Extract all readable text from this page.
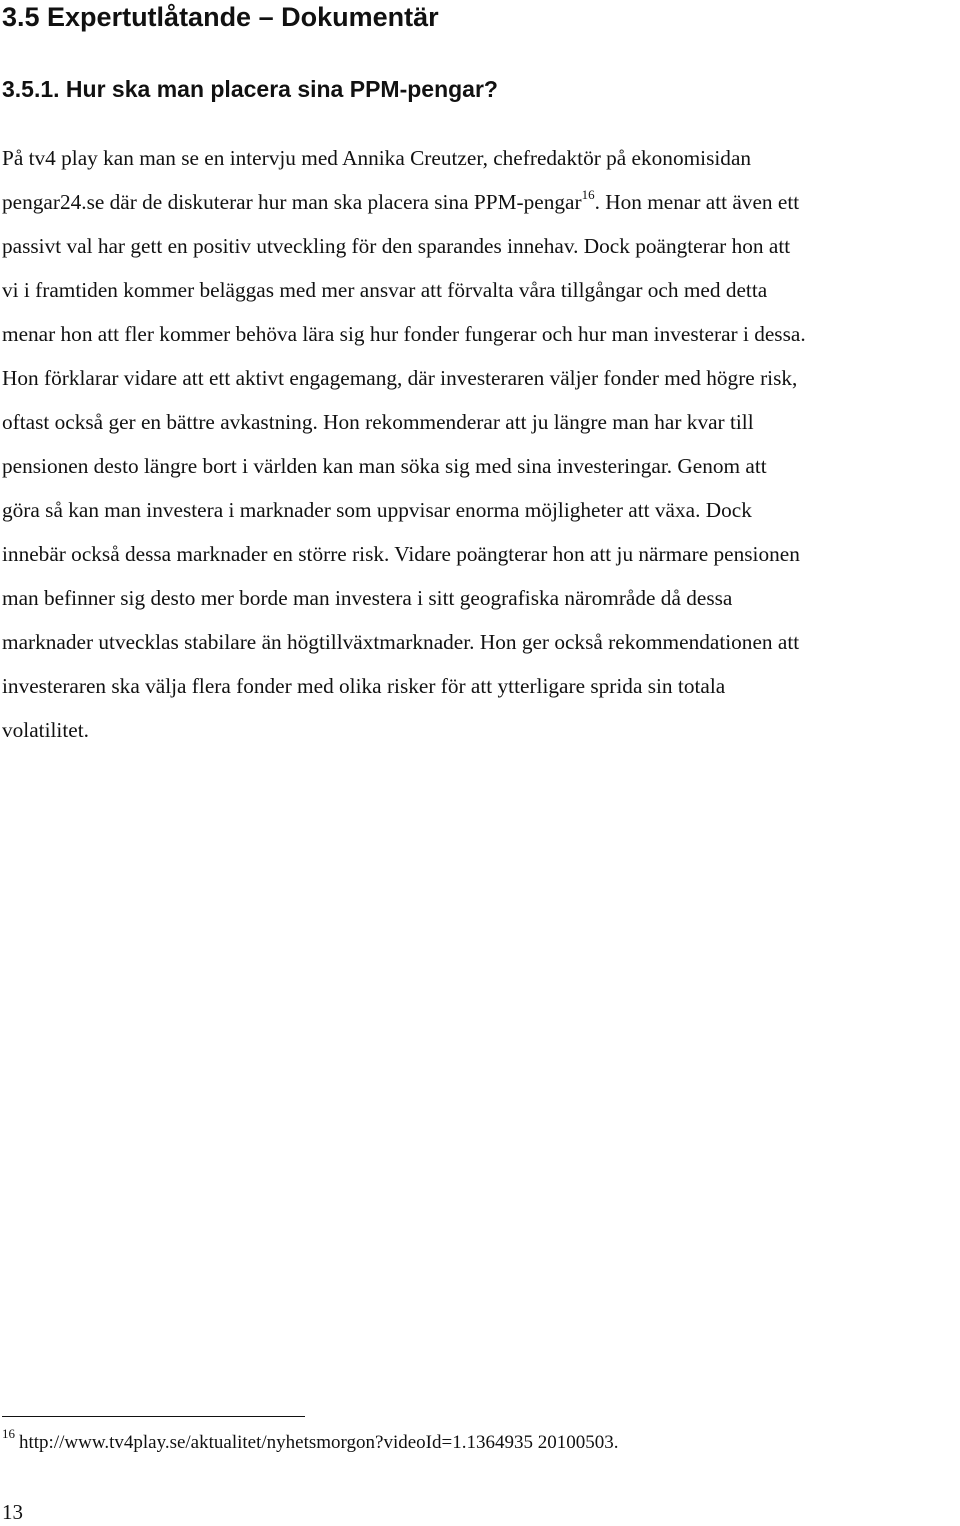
3.5 Expertutlåtande – Dokumentär
3.5.1. Hur ska man placera sina PPM-pengar?
På tv4 play kan man se en intervju med Annika Creutzer, chefredaktör på ekonomisidan
pengar24.se där de diskuterar hur man ska placera sina PPM-pengar$^{16}$. Hon menar att även ett
passivt val har gett en positiv utveckling för den sparandes innehav. Dock poängterar hon att
vi i framtiden kommer beläggas med mer ansvar att förvalta våra tillgångar och med detta
menar hon att fler kommer behöva lära sig hur fonder fungerar och hur man investerar i dessa.
Hon förklarar vidare att ett aktivt engagemang, där investeraren väljer fonder med högre risk,
oftast också ger en bättre avkastning. Hon rekommenderar att ju längre man har kvar till
pensionen desto längre bort i världen kan man söka sig med sina investeringar. Genom att
göra så kan man investera i marknader som uppvisar enorma möjligheter att växa. Dock
innebär också dessa marknader en större risk. Vidare poängterar hon att ju närmare pensionen
man befinner sig desto mer borde man investera i sitt geografiska närområde då dessa
marknader utvecklas stabilare än högtillväxtmarknader. Hon ger också rekommendationen att
investeraren ska välja flera fonder med olika risker för att ytterligare sprida sin totala
volatilitet.

$^{16}$ http://www.tv4play.se/aktualitet/nyhetsmorgon?videoId=1.1364935 20100503.

13
